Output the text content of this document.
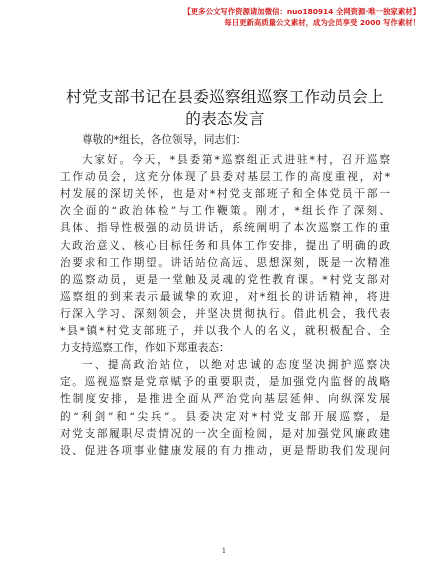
【更多公文写作资源请加微信：nuo180914 全网资源·唯一独家素材】
每日更新高质量公文素材，成为会员享受 2000 写作素材！
村党支部书记在县委巡察组巡察工作动员会上
的表态发言
尊敬的*组长，各位领导，同志们：
大家好。今天，*县委第*巡察组正式进驻*村，召开巡察
工作动员会，这充分体现了县委对基层工作的高度重视，对*
村发展的深切关怀，也是对*村党支部班子和全体党员干部一
次全面的“政治体检”与工作鞭策。刚才，*组长作了深刻、
具体、指导性极强的动员讲话，系统阐明了本次巡察工作的重
大政治意义、核心目标任务和具体工作安排，提出了明确的政
治要求和工作期望。讲话站位高远、思想深刻，既是一次精准
的巡察动员，更是一堂触及灵魂的党性教育课。*村党支部对
巡察组的到来表示最诚挚的欢迎，对*组长的讲话精神，将进
行深入学习、深刻领会，并坚决贯彻执行。借此机会，我代表
*县*镇*村党支部班子，并以我个人的名义，就积极配合、全
力支持巡察工作，作如下郑重表态：
一、提高政治站位，以绝对忠诚的态度坚决拥护巡察决
定。巡视巡察是党章赋予的重要职责，是加强党内监督的战略
性制度安排，是推进全面从严治党向基层延伸、向纵深发展
的“利剑”和“尖兵”。县委决定对*村党支部开展巡察，是
对党支部履职尽责情况的一次全面检阅，是对加强党风廉政建
设、促进各项事业健康发展的有力推动，更是帮助我们发现问
1
